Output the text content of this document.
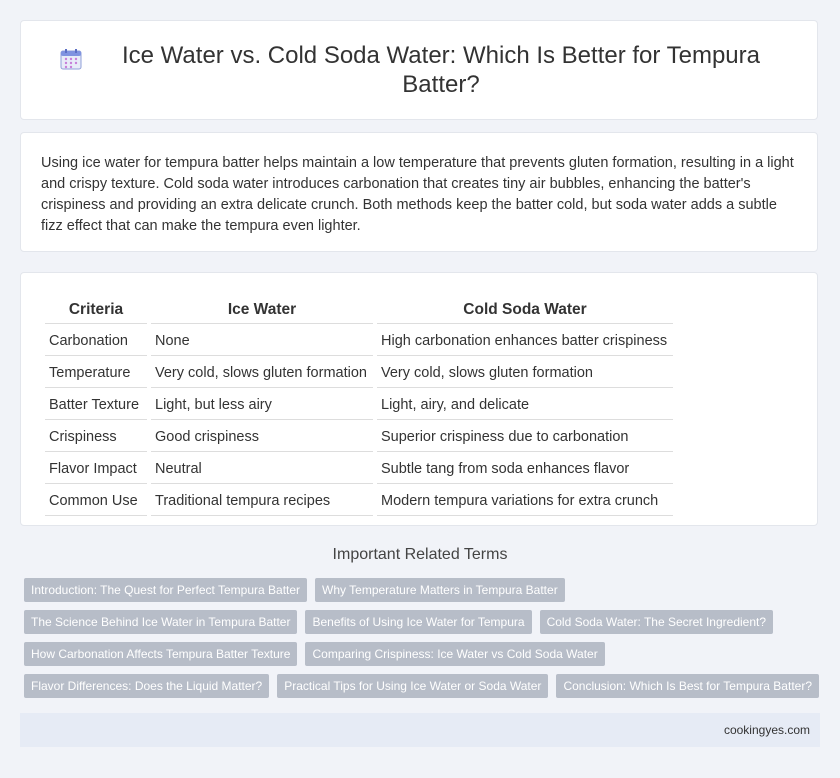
Ice Water vs. Cold Soda Water: Which Is Better for Tempura Batter?

Using ice water for tempura batter helps maintain a low temperature that prevents gluten formation, resulting in a light and crispy texture. Cold soda water introduces carbonation that creates tiny air bubbles, enhancing the batter's crispiness and providing an extra delicate crunch. Both methods keep the batter cold, but soda water adds a subtle fizz effect that can make the tempura even lighter.

Criteria	Ice Water	Cold Soda Water
Carbonation	None	High carbonation enhances batter crispiness
Temperature	Very cold, slows gluten formation	Very cold, slows gluten formation
Batter Texture	Light, but less airy	Light, airy, and delicate
Crispiness	Good crispiness	Superior crispiness due to carbonation
Flavor Impact	Neutral	Subtle tang from soda enhances flavor
Common Use	Traditional tempura recipes	Modern tempura variations for extra crunch
Important Related Terms
Introduction: The Quest for Perfect Tempura Batter	Why Temperature Matters in Tempura Batter
The Science Behind Ice Water in Tempura Batter	Benefits of Using Ice Water for Tempura	Cold Soda Water: The Secret Ingredient?
How Carbonation Affects Tempura Batter Texture	Comparing Crispiness: Ice Water vs Cold Soda Water
Flavor Differences: Does the Liquid Matter?	Practical Tips for Using Ice Water or Soda Water	Conclusion: Which Is Best for Tempura Batter?
cookingyes.com
